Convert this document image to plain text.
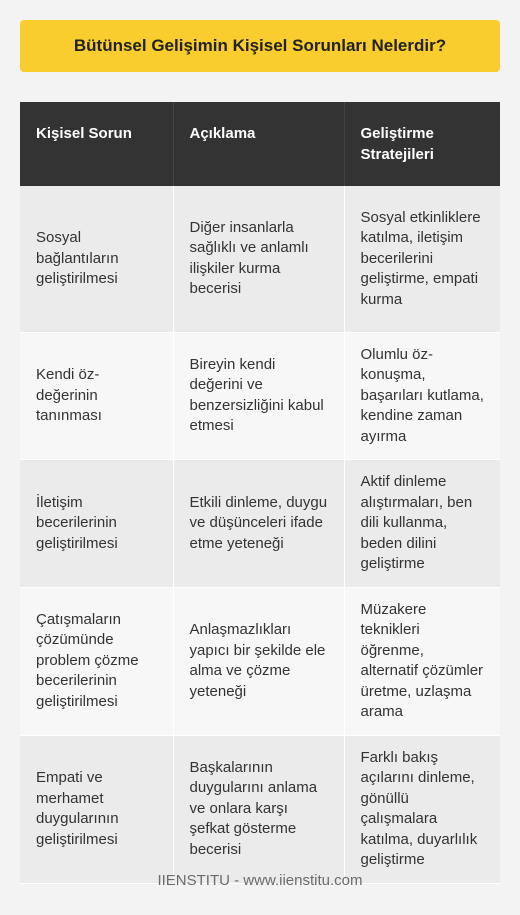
Bütünsel Gelişimin Kişisel Sorunları Nelerdir?
Kişisel Sorun	Açıklama	Geliştirme Stratejileri
Sosyal bağlantıların geliştirilmesi	Diğer insanlarla sağlıklı ve anlamlı ilişkiler kurma becerisi	Sosyal etkinliklere katılma, iletişim becerilerini geliştirme, empati kurma
Kendi öz-değerinin tanınması	Bireyin kendi değerini ve benzersizliğini kabul etmesi	Olumlu öz-konuşma, başarıları kutlama, kendine zaman ayırma
İletişim becerilerinin geliştirilmesi	Etkili dinleme, duygu ve düşünceleri ifade etme yeteneği	Aktif dinleme alıştırmaları, ben dili kullanma, beden dilini geliştirme
Çatışmaların çözümünde problem çözme becerilerinin geliştirilmesi	Anlaşmazlıkları yapıcı bir şekilde ele alma ve çözme yeteneği	Müzakere teknikleri öğrenme, alternatif çözümler üretme, uzlaşma arama
Empati ve merhamet duygularının geliştirilmesi	Başkalarının duygularını anlama ve onlara karşı şefkat gösterme becerisi	Farklı bakış açılarını dinleme, gönüllü çalışmalara katılma, duyarlılık geliştirme
IIENSTITU - www.iienstitu.com
